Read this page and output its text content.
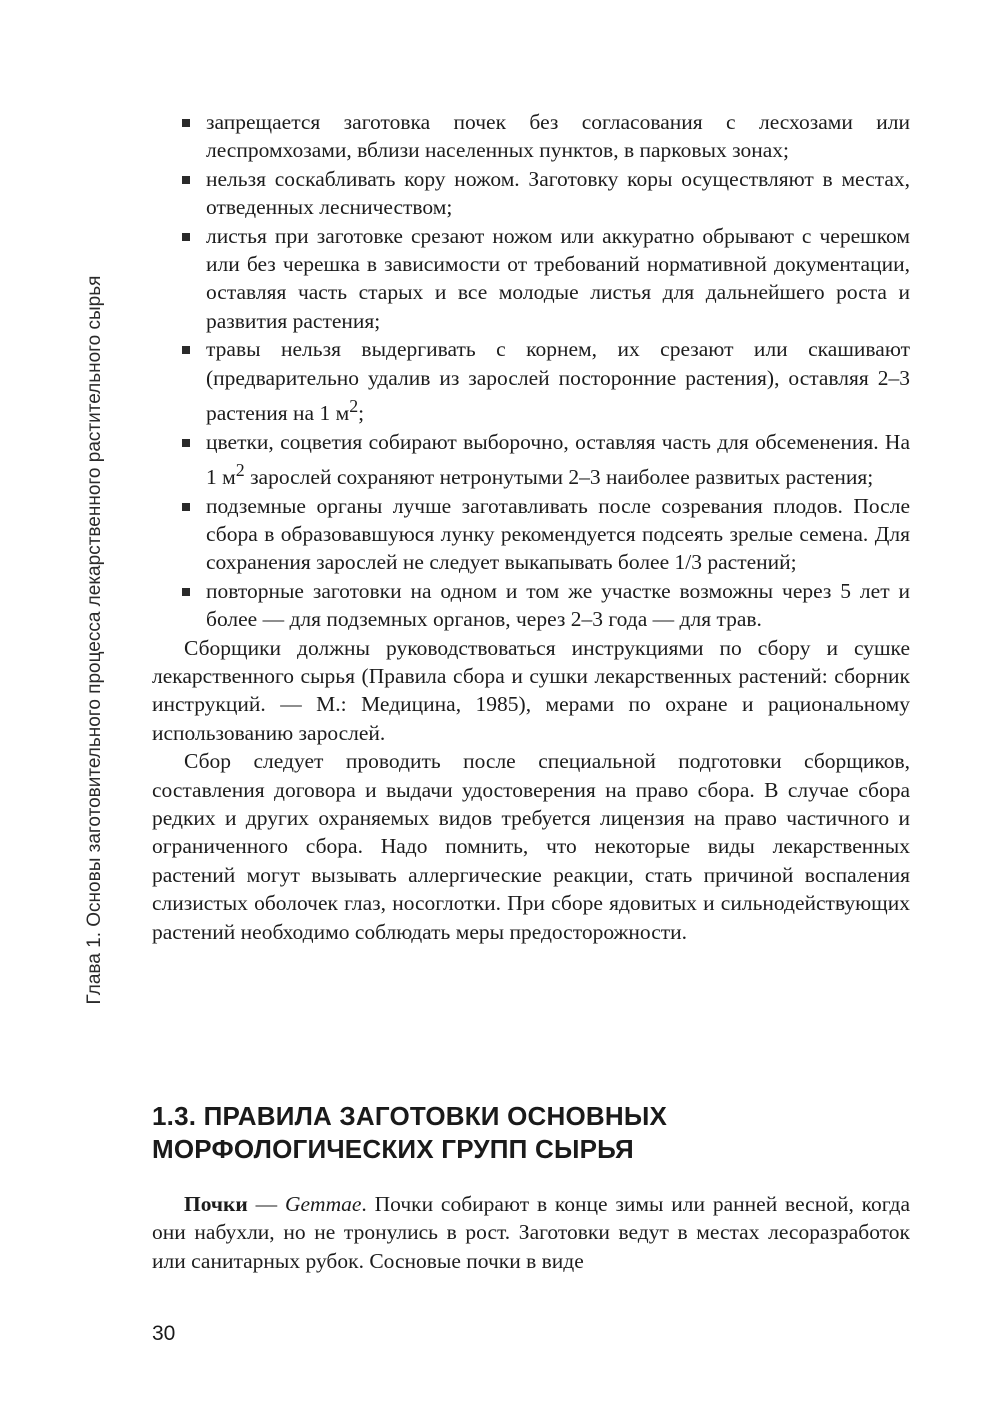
Глава 1. Основы заготовительного процесса лекарственного растительного сырья
запрещается заготовка почек без согласования с лесхозами или леспромхозами, вблизи населенных пунктов, в парковых зонах;
нельзя соскабливать кору ножом. Заготовку коры осуществляют в местах, отведенных лесничеством;
листья при заготовке срезают ножом или аккуратно обрывают с черешком или без черешка в зависимости от требований нормативной документации, оставляя часть старых и все молодые листья для дальнейшего роста и развития растения;
травы нельзя выдергивать с корнем, их срезают или скашивают (предварительно удалив из зарослей посторонние растения), оставляя 2–3 растения на 1 $м^2$;
цветки, соцветия собирают выборочно, оставляя часть для обсеменения. На 1 $м^2$ зарослей сохраняют нетронутыми 2–3 наиболее развитых растения;
подземные органы лучше заготавливать после созревания плодов. После сбора в образовавшуюся лунку рекомендуется подсеять зрелые семена. Для сохранения зарослей не следует выкапывать более 1/3 растений;
повторные заготовки на одном и том же участке возможны через 5 лет и более — для подземных органов, через 2–3 года — для трав.

Сборщики должны руководствоваться инструкциями по сбору и сушке лекарственного сырья (Правила сбора и сушки лекарственных растений: сборник инструкций. — М.: Медицина, 1985), мерами по охране и рациональному использованию зарослей.

Сбор следует проводить после специальной подготовки сборщиков, составления договора и выдачи удостоверения на право сбора. В случае сбора редких и других охраняемых видов требуется лицензия на право частичного и ограниченного сбора. Надо помнить, что некоторые виды лекарственных растений могут вызывать аллергические реакции, стать причиной воспаления слизистых оболочек глаз, носоглотки. При сборе ядовитых и сильнодействующих растений необходимо соблюдать меры предосторожности.

1.3. ПРАВИЛА ЗАГОТОВКИ ОСНОВНЫХ МОРФОЛОГИЧЕСКИХ ГРУПП СЫРЬЯ

Почки — Gemmae. Почки собирают в конце зимы или ранней весной, когда они набухли, но не тронулись в рост. Заготовки ведут в местах лесоразработок или санитарных рубок. Сосновые почки в виде

30
